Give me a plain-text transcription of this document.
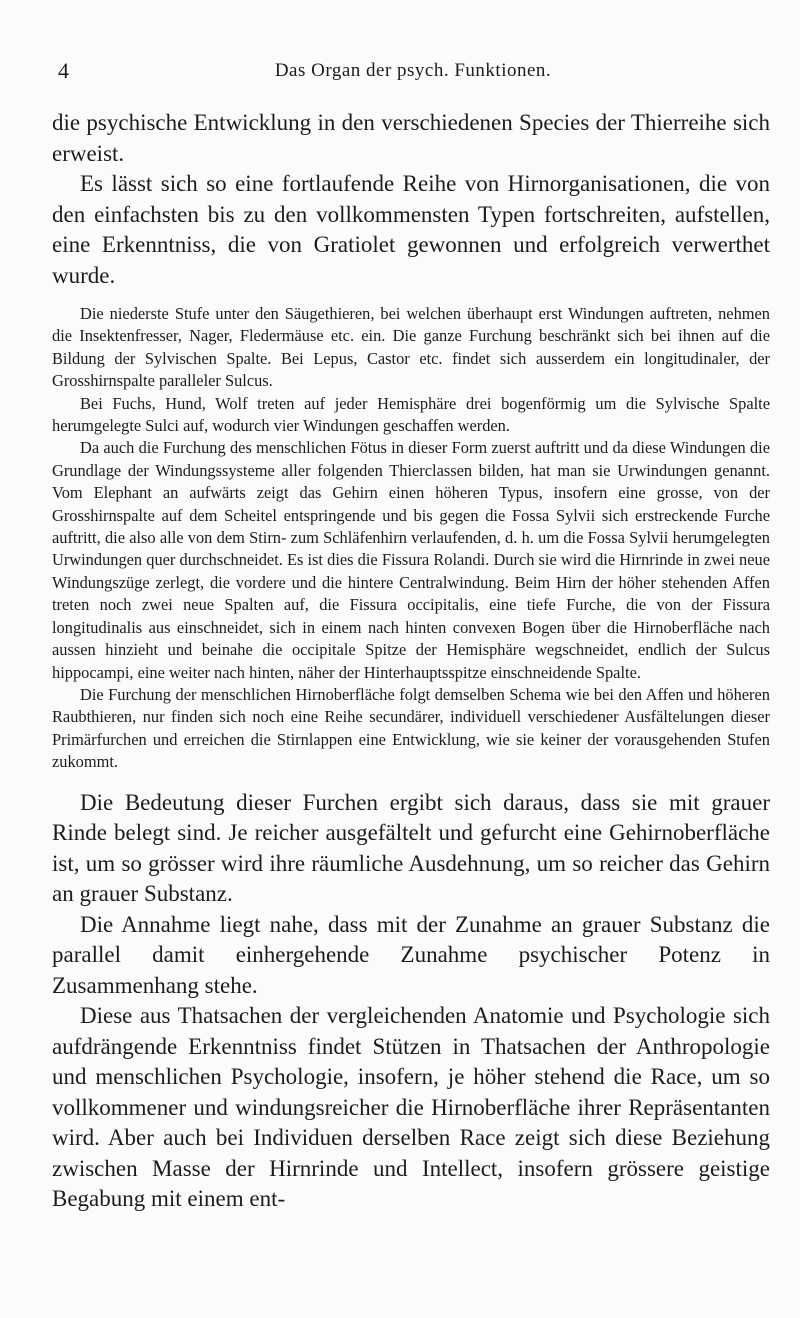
4	Das Organ der psych. Funktionen.

die psychische Entwicklung in den verschiedenen Species der Thierreihe sich erweist.

Es lässt sich so eine fortlaufende Reihe von Hirnorganisationen, die von den einfachsten bis zu den vollkommensten Typen fortschreiten, aufstellen, eine Erkenntniss, die von Gratiolet gewonnen und erfolgreich verwerthet wurde.

Die niederste Stufe unter den Säugethieren, bei welchen überhaupt erst Windungen auftreten, nehmen die Insektenfresser, Nager, Fledermäuse etc. ein. Die ganze Furchung beschränkt sich bei ihnen auf die Bildung der Sylvischen Spalte. Bei Lepus, Castor etc. findet sich ausserdem ein longitudinaler, der Grosshirnspalte paralleler Sulcus.

Bei Fuchs, Hund, Wolf treten auf jeder Hemisphäre drei bogenförmig um die Sylvische Spalte herumgelegte Sulci auf, wodurch vier Windungen geschaffen werden.

Da auch die Furchung des menschlichen Fötus in dieser Form zuerst auftritt und da diese Windungen die Grundlage der Windungssysteme aller folgenden Thierclassen bilden, hat man sie Urwindungen genannt. Vom Elephant an aufwärts zeigt das Gehirn einen höheren Typus, insofern eine grosse, von der Grosshirnspalte auf dem Scheitel entspringende und bis gegen die Fossa Sylvii sich erstreckende Furche auftritt, die also alle von dem Stirn- zum Schläfenhirn verlaufenden, d. h. um die Fossa Sylvii herumgelegten Urwindungen quer durchschneidet. Es ist dies die Fissura Rolandi. Durch sie wird die Hirnrinde in zwei neue Windungszüge zerlegt, die vordere und die hintere Centralwindung. Beim Hirn der höher stehenden Affen treten noch zwei neue Spalten auf, die Fissura occipitalis, eine tiefe Furche, die von der Fissura longitudinalis aus einschneidet, sich in einem nach hinten convexen Bogen über die Hirnoberfläche nach aussen hinzieht und beinahe die occipitale Spitze der Hemisphäre wegschneidet, endlich der Sulcus hippocampi, eine weiter nach hinten, näher der Hinterhauptsspitze einschneidende Spalte.

Die Furchung der menschlichen Hirnoberfläche folgt demselben Schema wie bei den Affen und höheren Raubthieren, nur finden sich noch eine Reihe secundärer, individuell verschiedener Ausfältelungen dieser Primärfurchen und erreichen die Stirnlappen eine Entwicklung, wie sie keiner der vorausgehenden Stufen zukommt.

Die Bedeutung dieser Furchen ergibt sich daraus, dass sie mit grauer Rinde belegt sind. Je reicher ausgefältelt und gefurcht eine Gehirnoberfläche ist, um so grösser wird ihre räumliche Ausdehnung, um so reicher das Gehirn an grauer Substanz.

Die Annahme liegt nahe, dass mit der Zunahme an grauer Substanz die parallel damit einhergehende Zunahme psychischer Potenz in Zusammenhang stehe.

Diese aus Thatsachen der vergleichenden Anatomie und Psychologie sich aufdrängende Erkenntniss findet Stützen in Thatsachen der Anthropologie und menschlichen Psychologie, insofern, je höher stehend die Race, um so vollkommener und windungsreicher die Hirnoberfläche ihrer Repräsentanten wird. Aber auch bei Individuen derselben Race zeigt sich diese Beziehung zwischen Masse der Hirnrinde und Intellect, insofern grössere geistige Begabung mit einem ent-
